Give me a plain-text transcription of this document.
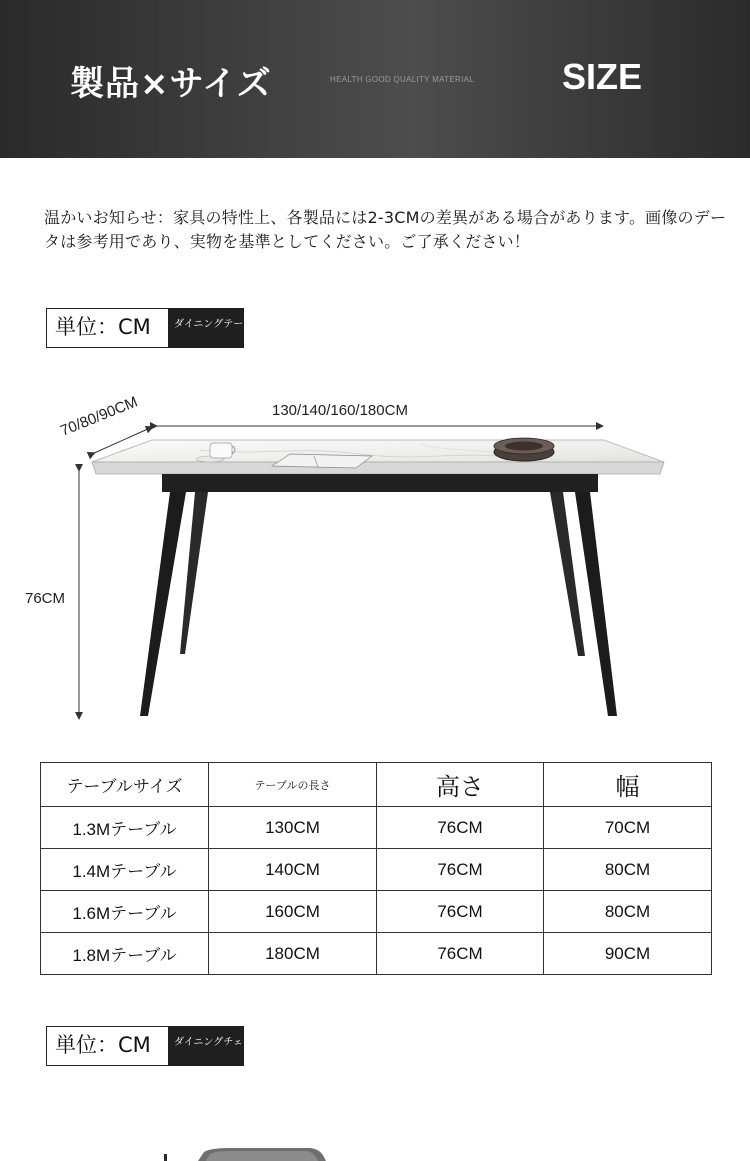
製品×サイズ	HEALTH GOOD QUALITY MATERIAL SIZE
温かいお知らせ：家具の特性上、各製品には2-3CMの差異がある場合があります。画像のデータは参考用であり、実物を基準としてください。ご了承ください！
単位：CM	ダイニングテーブル
130/140/160/180CM
70/80/90CM
76CM
テーブルサイズ	テーブルの長さ	高さ	幅
1.3Mテーブル	130CM	76CM	70CM
1.4Mテーブル	140CM	76CM	80CM
1.6Mテーブル	160CM	76CM	80CM
1.8Mテーブル	180CM	76CM	90CM
単位：CM	ダイニングチェア
